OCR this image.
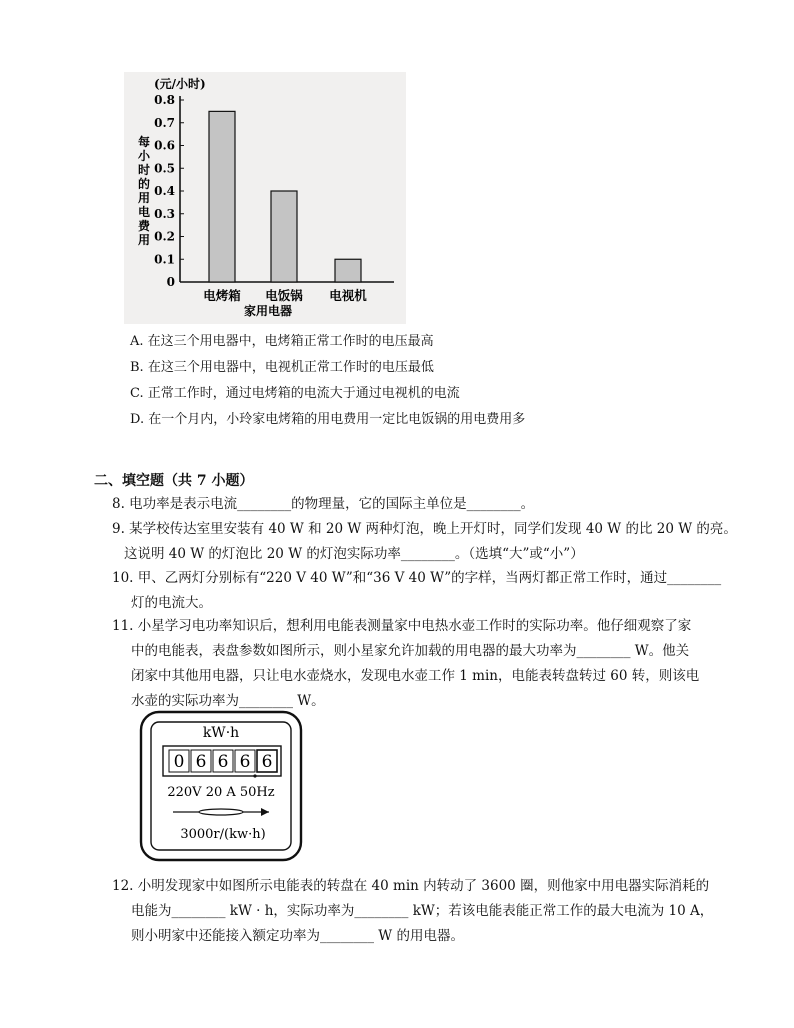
(元/小时)
每小时的用电费用
家用电器
0
0.1
0.2
0.3
0.4
0.5
0.6
0.7
0.8
电烤箱 电饭锅 电视机
A. 在这三个用电器中，电烤箱正常工作时的电压最高
B. 在这三个用电器中，电视机正常工作时的电压最低
C. 正常工作时，通过电烤箱的电流大于通过电视机的电流
D. 在一个月内，小玲家电烤箱的用电费用一定比电饭锅的用电费用多
二、填空题（共 7 小题）
8. 电功率是表示电流________的物理量，它的国际主单位是________。
9. 某学校传达室里安装有 40 W 和 20 W 两种灯泡，晚上开灯时，同学们发现 40 W 的比 20 W 的亮。
这说明 40 W 的灯泡比 20 W 的灯泡实际功率________。（选填“大”或“小”）
10. 甲、乙两灯分别标有“220 V 40 W”和“36 V 40 W”的字样，当两灯都正常工作时，通过________
灯的电流大。
11. 小星学习电功率知识后，想利用电能表测量家中电热水壶工作时的实际功率。他仔细观察了家
中的电能表，表盘参数如图所示，则小星家允许加载的用电器的最大功率为________ W。他关
闭家中其他用电器，只让电水壶烧水，发现电水壶工作 1 min，电能表转盘转过 60 转，则该电
水壶的实际功率为________ W。
kW·h
0 6 6 6 6
220V 20 A 50Hz
3000r/(kw·h)
12. 小明发现家中如图所示电能表的转盘在 40 min 内转动了 3600 圈，则他家中用电器实际消耗的
电能为________ kW · h，实际功率为________ kW；若该电能表能正常工作的最大电流为 10 A，
则小明家中还能接入额定功率为________ W 的用电器。
